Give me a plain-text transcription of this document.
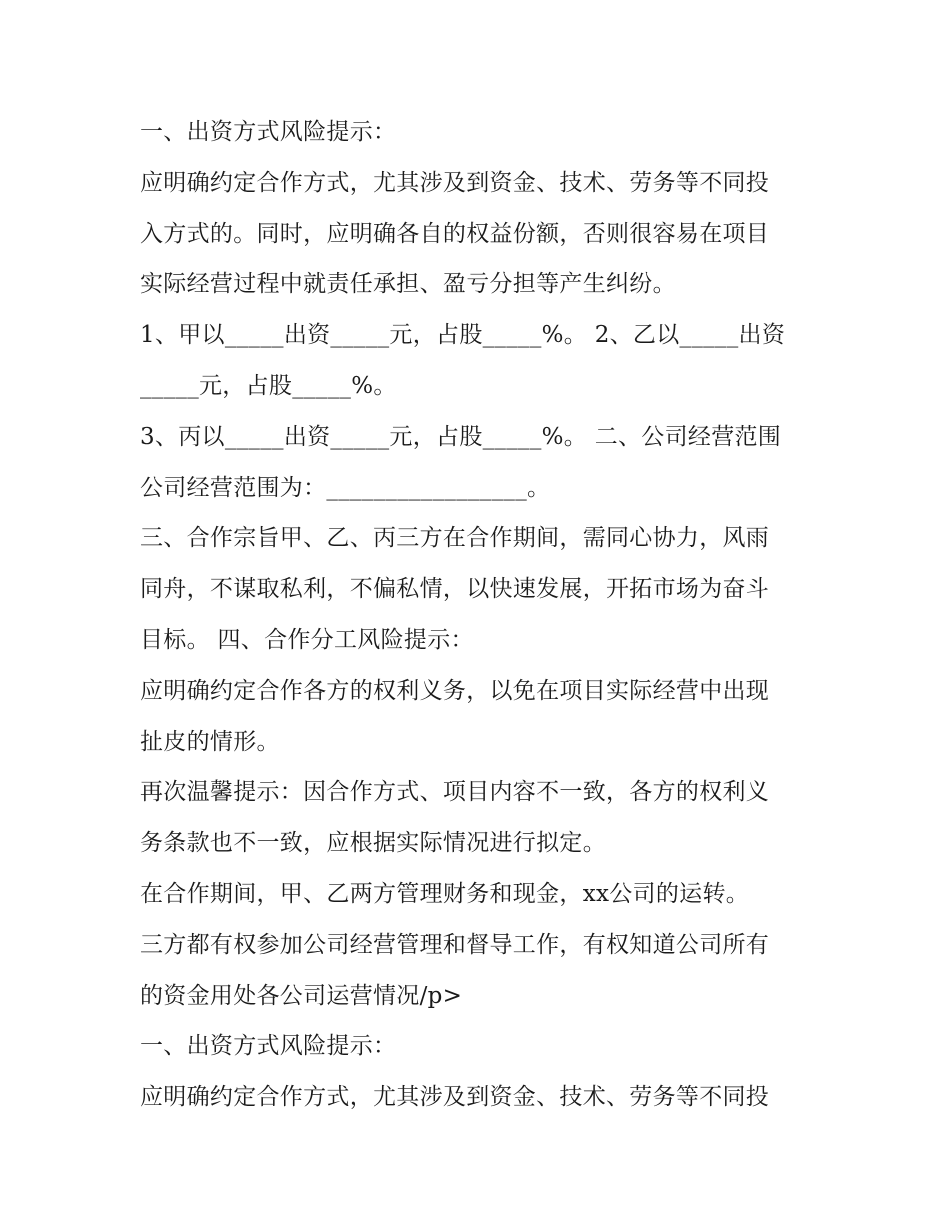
一、出资方式风险提示：
应明确约定合作方式，尤其涉及到资金、技术、劳务等不同投
入方式的。同时，应明确各自的权益份额，否则很容易在项目
实际经营过程中就责任承担、盈亏分担等产生纠纷。
1、甲以_____出资_____元，占股_____%。 2、乙以_____出资
_____元，占股_____%。
3、丙以_____出资_____元，占股_____%。 二、公司经营范围
公司经营范围为：_________________。
三、合作宗旨甲、乙、丙三方在合作期间，需同心协力，风雨
同舟，不谋取私利，不偏私情，以快速发展，开拓市场为奋斗
目标。 四、合作分工风险提示：
应明确约定合作各方的权利义务，以免在项目实际经营中出现
扯皮的情形。
再次温馨提示：因合作方式、项目内容不一致，各方的权利义
务条款也不一致，应根据实际情况进行拟定。
在合作期间，甲、乙两方管理财务和现金，xx公司的运转。
三方都有权参加公司经营管理和督导工作，有权知道公司所有
的资金用处各公司运营情况/p>
一、出资方式风险提示：
应明确约定合作方式，尤其涉及到资金、技术、劳务等不同投
